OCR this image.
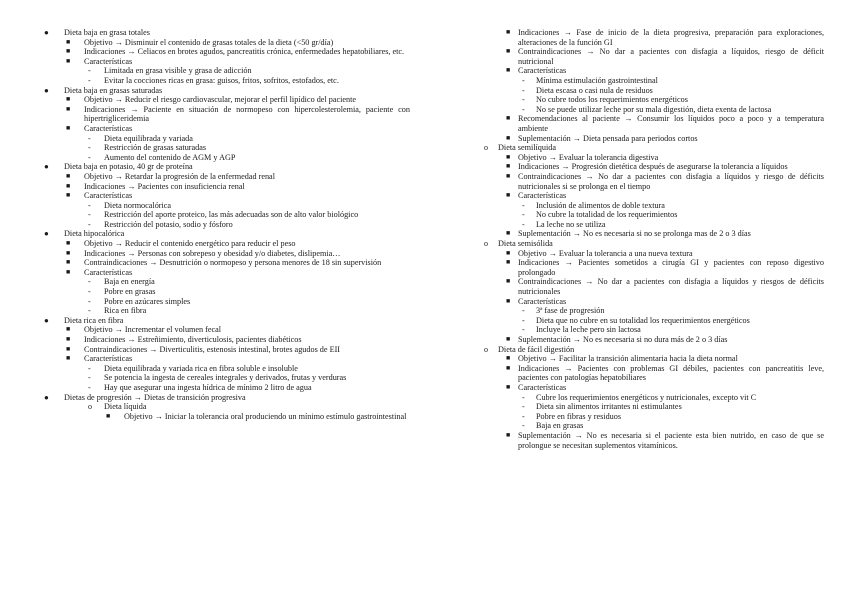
● Dieta baja en grasa totales
■ Objetivo → Disminuir el contenido de grasas totales de la dieta (<50 gr/día)
■ Indicaciones → Celiacos en brotes agudos, pancreatitis crónica, enfermedades hepatobiliares, etc.
■ Características
- Limitada en grasa visible y grasa de adicción
- Evitar la cocciones ricas en grasa: guisos, fritos, sofritos, estofados, etc.
● Dieta baja en grasas saturadas
■ Objetivo → Reducir el riesgo cardiovascular, mejorar el perfil lipídico del paciente
■ Indicaciones → Paciente en situación de normopeso con hipercolesterolemia, paciente con hipertrigliceridemia
■ Características
- Dieta equilibrada y variada
- Restricción de grasas saturadas
- Aumento del contenido de AGM y AGP
● Dieta baja en potasio, 40 gr de proteína
■ Objetivo → Retardar la progresión de la enfermedad renal
■ Indicaciones → Pacientes con insuficiencia renal
■ Características
- Dieta normocalórica
- Restricción del aporte proteico, las más adecuadas son de alto valor biológico
- Restricción del potasio, sodio y fósforo
● Dieta hipocalórica
■ Objetivo → Reducir el contenido energético para reducir el peso
■ Indicaciones → Personas con sobrepeso y obesidad y/o diabetes, dislipemia…
■ Contraindicaciones → Desnutrición o normopeso y persona menores de 18 sin supervisión
■ Características
- Baja en energía
- Pobre en grasas
- Pobre en azúcares simples
- Rica en fibra
● Dieta rica en fibra
■ Objetivo → Incrementar el volumen fecal
■ Indicaciones → Estreñimiento, diverticulosis, pacientes diabéticos
■ Contraindicaciones → Diverticulitis, estenosis intestinal, brotes agudos de EII
■ Características
- Dieta equilibrada y variada rica en fibra soluble e insoluble
- Se potencia la ingesta de cereales integrales y derivados, frutas y verduras
- Hay que asegurar una ingesta hídrica de mínimo 2 litro de agua
● Dietas de progresión → Dietas de transición progresiva
o Dieta líquida
■ Objetivo → Iniciar la tolerancia oral produciendo un mínimo estímulo gastrointestinal
■ Indicaciones → Fase de inicio de la dieta progresiva, preparación para exploraciones, alteraciones de la función GI
■ Contraindicaciones → No dar a pacientes con disfagia a líquidos, riesgo de déficit nutricional
■ Características
- Mínima estimulación gastrointestinal
- Dieta escasa o casi nula de residuos
- No cubre todos los requerimientos energéticos
- No se puede utilizar leche por su mala digestión, dieta exenta de lactosa
■ Recomendaciones al paciente → Consumir los líquidos poco a poco y a temperatura ambiente
■ Suplementación → Dieta pensada para periodos cortos
o Dieta semilíquida
■ Objetivo → Evaluar la tolerancia digestiva
■ Indicaciones → Progresión dietética después de asegurarse la tolerancia a líquidos
■ Contraindicaciones → No dar a pacientes con disfagia a líquidos y riesgo de déficits nutricionales si se prolonga en el tiempo
■ Características
- Inclusión de alimentos de doble textura
- No cubre la totalidad de los requerimientos
- La leche no se utiliza
■ Suplementación → No es necesaria si no se prolonga mas de 2 o 3 días
o Dieta semisólida
■ Objetivo → Evaluar la tolerancia a una nueva textura
■ Indicaciones → Pacientes sometidos a cirugía GI y pacientes con reposo digestivo prolongado
■ Contraindicaciones → No dar a pacientes con disfagia a líquidos y riesgos de déficits nutricionales
■ Características
- 3ª fase de progresión
- Dieta que no cubre en su totalidad los requerimientos energéticos
- Incluye la leche pero sin lactosa
■ Suplementación → No es necesaria si no dura más de 2 o 3 días
o Dieta de fácil digestión
■ Objetivo → Facilitar la transición alimentaria hacia la dieta normal
■ Indicaciones → Pacientes con problemas GI débiles, pacientes con pancreatitis leve, pacientes con patologías hepatobiliares
■ Características
- Cubre los requerimientos energéticos y nutricionales, excepto vit C
- Dieta sin alimentos irritantes ni estimulantes
- Pobre en fibras y residuos
- Baja en grasas
■ Suplementación → No es necesaria si el paciente esta bien nutrido, en caso de que se prolongue se necesitan suplementos vitamínicos.
